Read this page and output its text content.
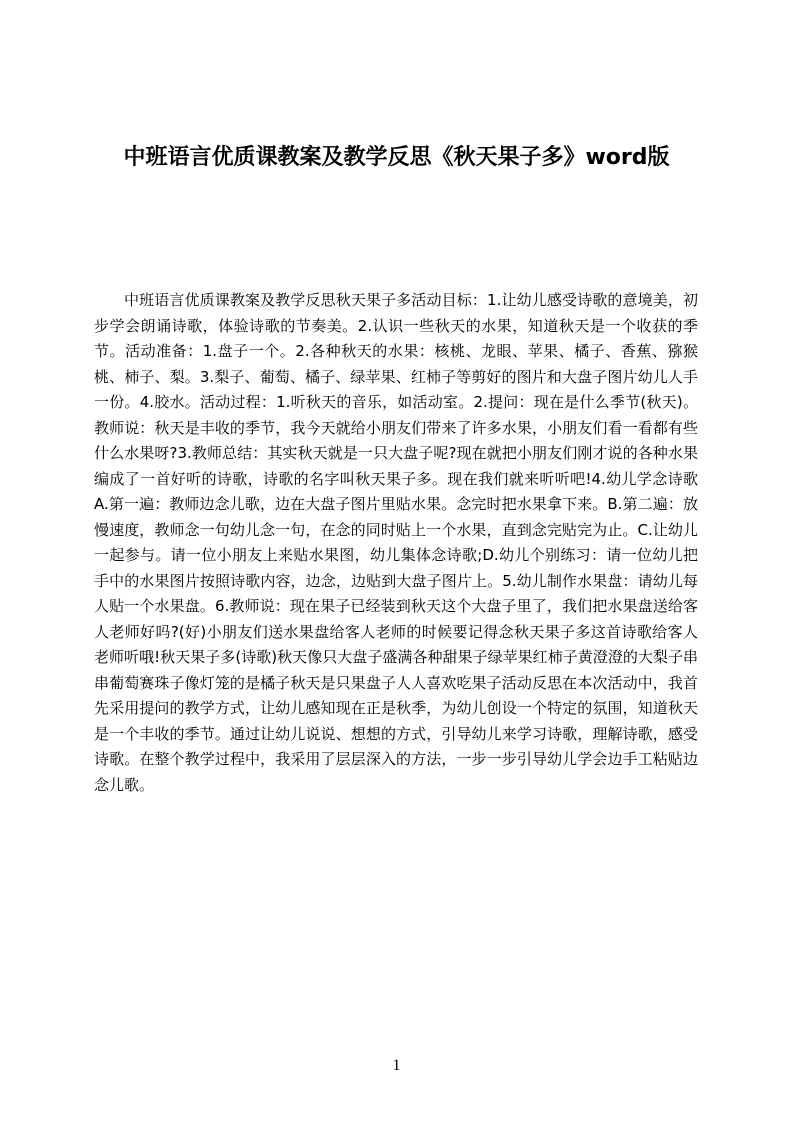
中班语言优质课教案及教学反思《秋天果子多》word版

中班语言优质课教案及教学反思秋天果子多活动目标：1.让幼儿感受诗歌的意境美，初步学会朗诵诗歌，体验诗歌的节奏美。2.认识一些秋天的水果，知道秋天是一个收获的季节。活动准备：1.盘子一个。2.各种秋天的水果：核桃、龙眼、苹果、橘子、香蕉、猕猴桃、柿子、梨。3.梨子、葡萄、橘子、绿苹果、红柿子等剪好的图片和大盘子图片幼儿人手一份。4.胶水。活动过程：1.听秋天的音乐，如活动室。2.提问：现在是什么季节(秋天)。教师说：秋天是丰收的季节，我今天就给小朋友们带来了许多水果，小朋友们看一看都有些什么水果呀?3.教师总结：其实秋天就是一只大盘子呢?现在就把小朋友们刚才说的各种水果编成了一首好听的诗歌，诗歌的名字叫秋天果子多。现在我们就来听听吧!4.幼儿学念诗歌A.第一遍：教师边念儿歌，边在大盘子图片里贴水果。念完时把水果拿下来。B.第二遍：放慢速度，教师念一句幼儿念一句，在念的同时贴上一个水果，直到念完贴完为止。C.让幼儿一起参与。请一位小朋友上来贴水果图，幼儿集体念诗歌;D.幼儿个别练习：请一位幼儿把手中的水果图片按照诗歌内容，边念，边贴到大盘子图片上。5.幼儿制作水果盘：请幼儿每人贴一个水果盘。6.教师说：现在果子已经装到秋天这个大盘子里了，我们把水果盘送给客人老师好吗?(好)小朋友们送水果盘给客人老师的时候要记得念秋天果子多这首诗歌给客人老师听哦!秋天果子多(诗歌)秋天像只大盘子盛满各种甜果子绿苹果红柿子黄澄澄的大梨子串串葡萄赛珠子像灯笼的是橘子秋天是只果盘子人人喜欢吃果子活动反思在本次活动中，我首先采用提问的教学方式，让幼儿感知现在正是秋季，为幼儿创设一个特定的氛围，知道秋天是一个丰收的季节。通过让幼儿说说、想想的方式，引导幼儿来学习诗歌，理解诗歌，感受诗歌。在整个教学过程中，我采用了层层深入的方法，一步一步引导幼儿学会边手工粘贴边念儿歌。

1
